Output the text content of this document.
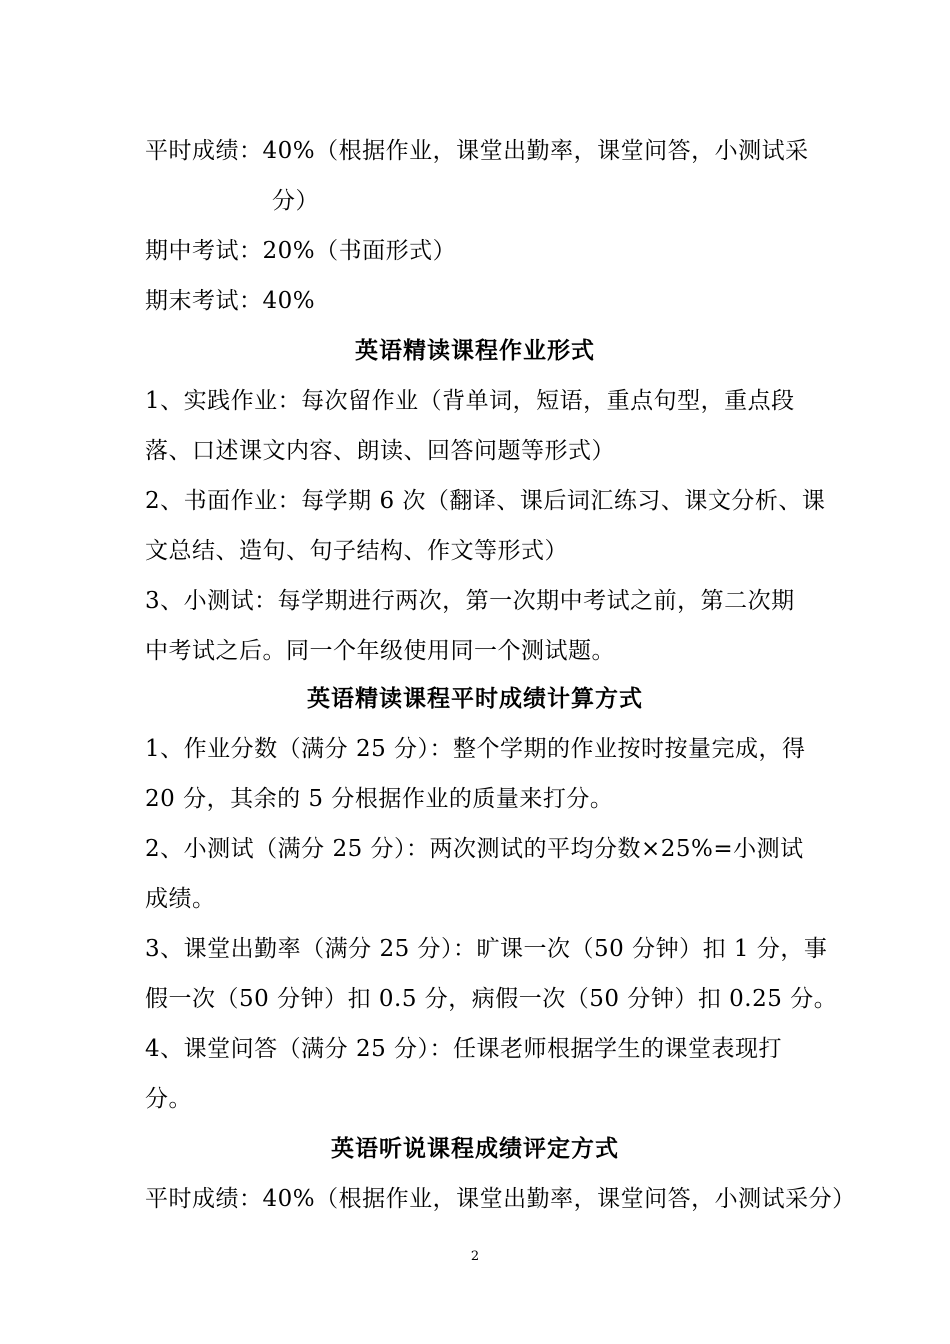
平时成绩：40%（根据作业，课堂出勤率，课堂问答，小测试采
分）
期中考试：20%（书面形式）
期末考试：40%
英语精读课程作业形式
1、实践作业：每次留作业（背单词，短语，重点句型，重点段
落、口述课文内容、朗读、回答问题等形式）
2、书面作业：每学期 6 次（翻译、课后词汇练习、课文分析、课
文总结、造句、句子结构、作文等形式）
3、小测试：每学期进行两次，第一次期中考试之前，第二次期
中考试之后。同一个年级使用同一个测试题。
英语精读课程平时成绩计算方式
1、作业分数（满分 25 分）：整个学期的作业按时按量完成，得
20 分，其余的 5 分根据作业的质量来打分。
2、小测试（满分 25 分）：两次测试的平均分数×25%=小测试
成绩。
3、课堂出勤率（满分 25 分）：旷课一次（50 分钟）扣 1 分，事
假一次（50 分钟）扣 0.5 分，病假一次（50 分钟）扣 0.25 分。
4、课堂问答（满分 25 分）：任课老师根据学生的课堂表现打
分。
英语听说课程成绩评定方式
平时成绩：40%（根据作业，课堂出勤率，课堂问答，小测试采分）
2
